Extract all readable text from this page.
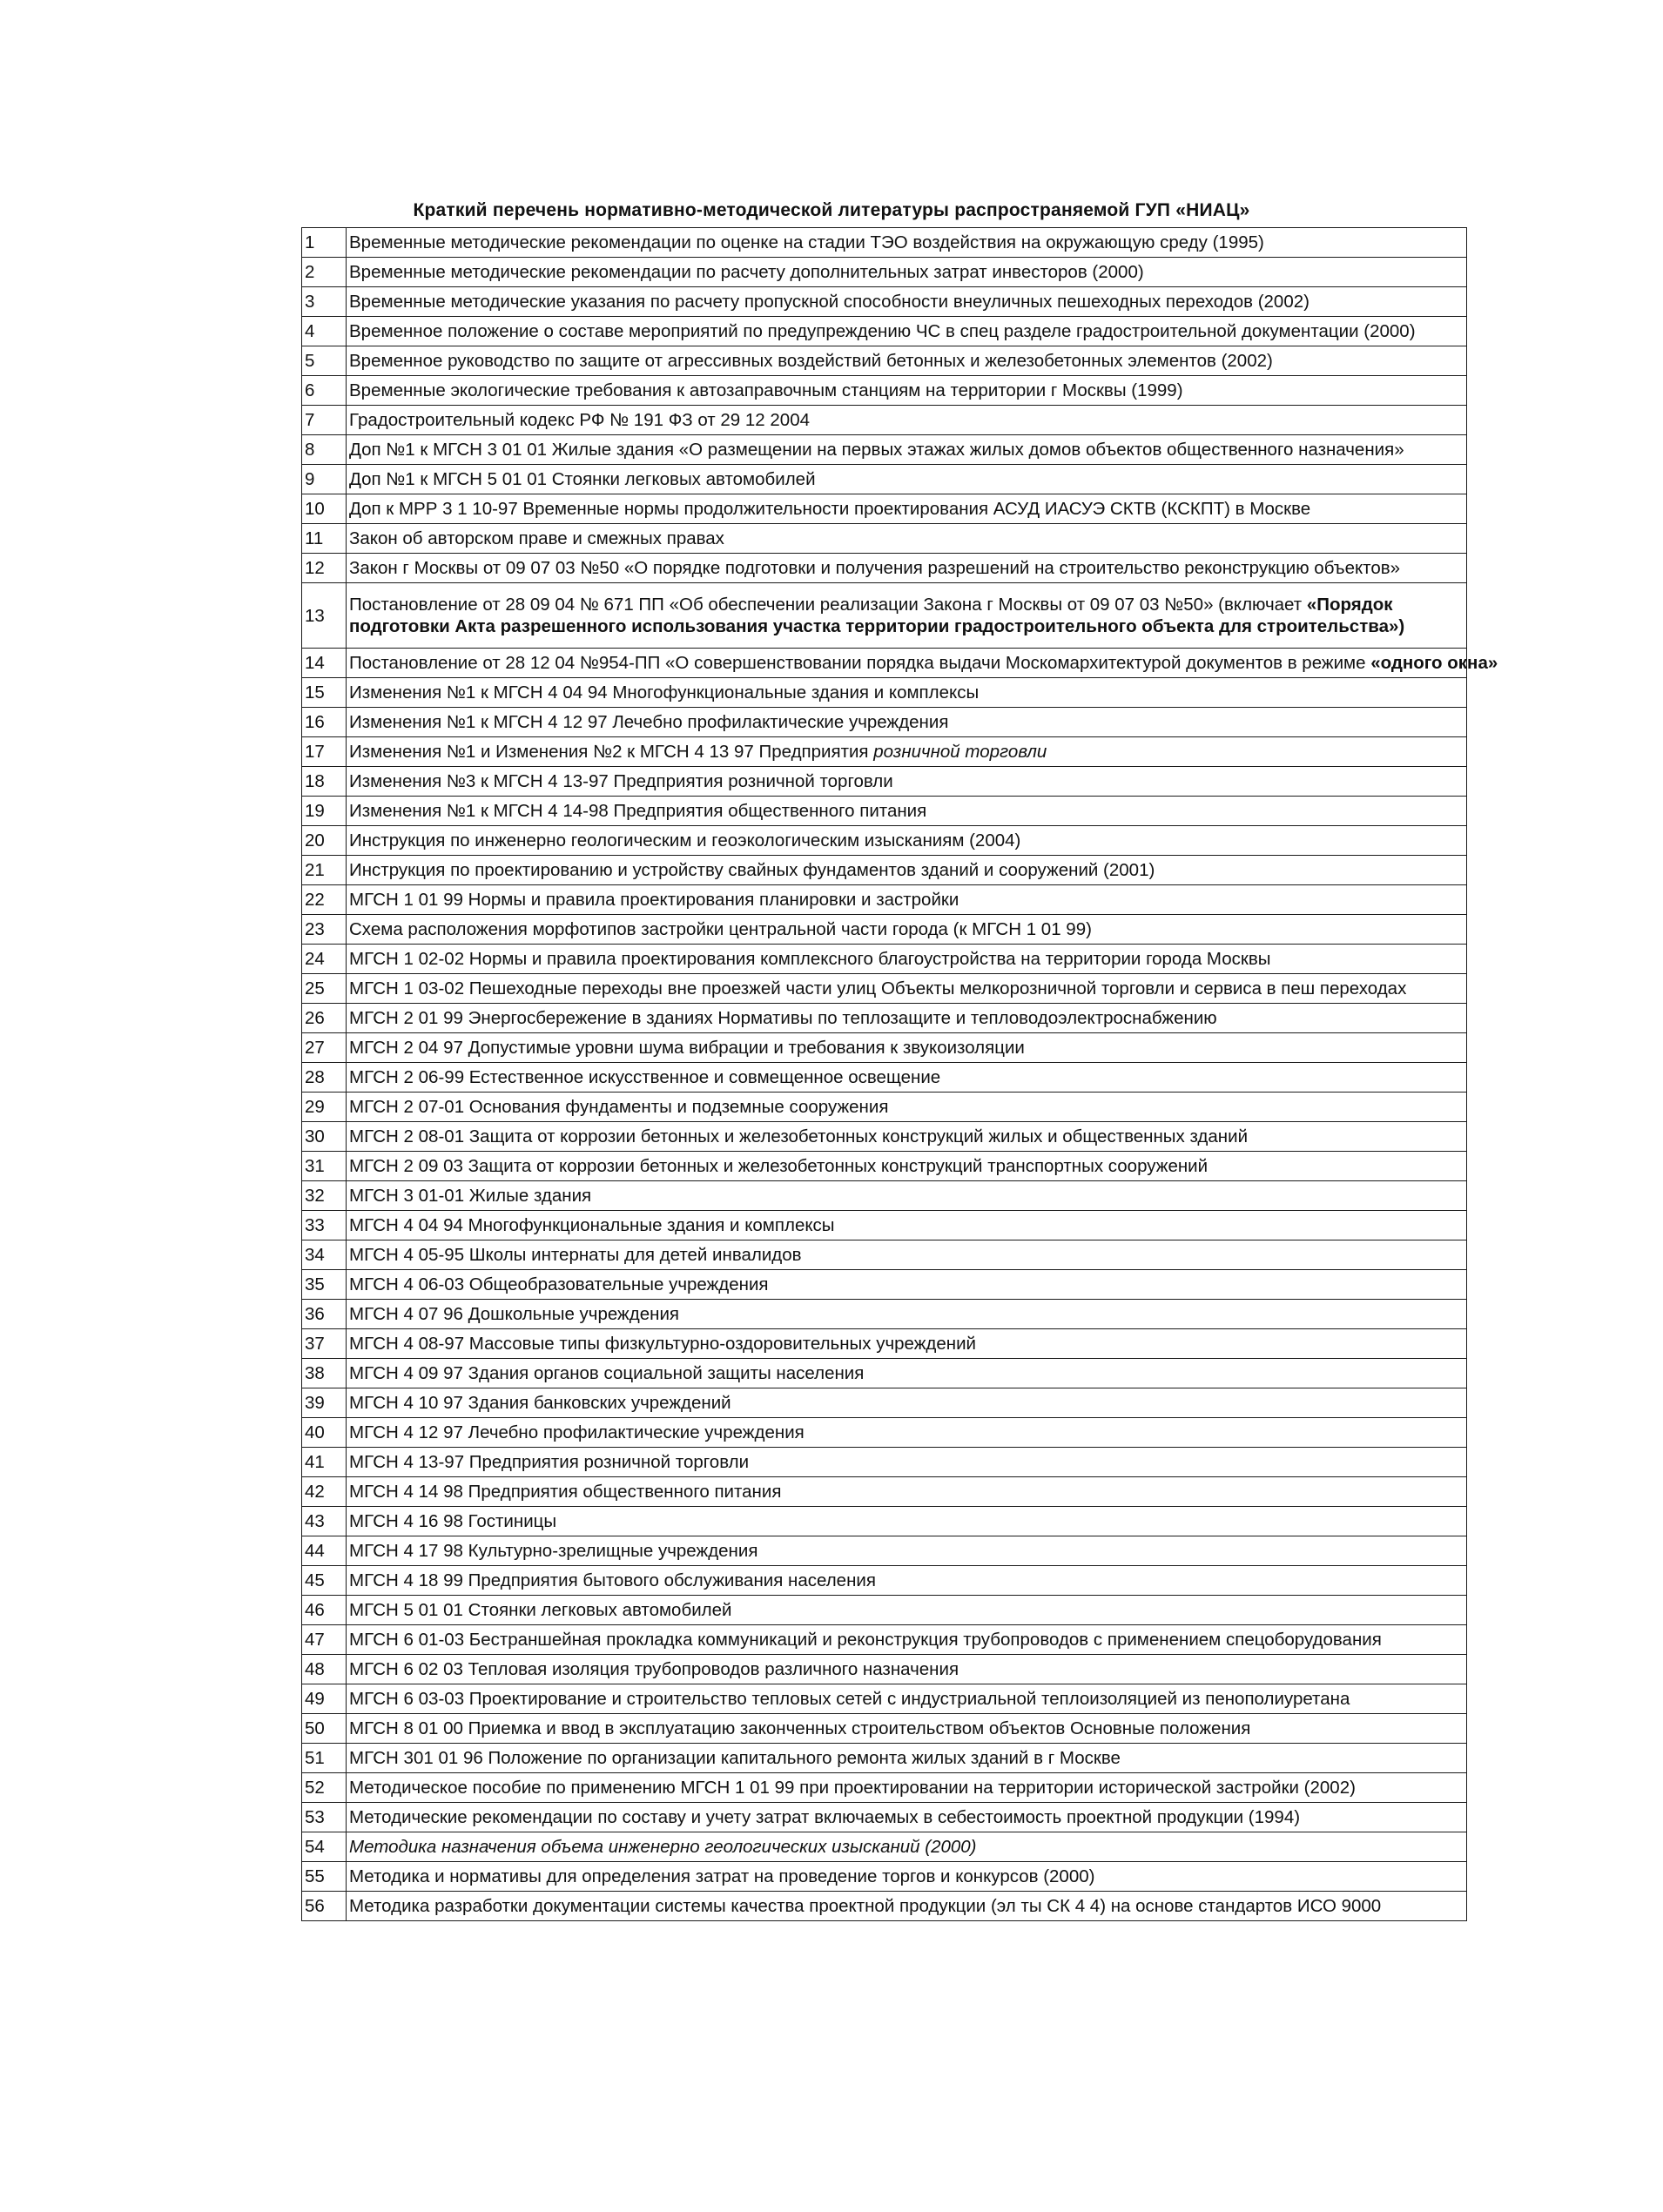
Краткий перечень нормативно-методической литературы распространяемой ГУП «НИАЦ»
1	Временные методические рекомендации по оценке на стадии ТЭО воздействия на окружающую среду (1995)
2	Временные методические рекомендации по расчету дополнительных затрат инвесторов (2000)
3	Временные методические указания по расчету пропускной способности внеуличных пешеходных переходов (2002)
4	Временное положение о составе мероприятий по предупреждению ЧС в спец разделе градостроительной документации (2000)
5	Временное руководство по защите от агрессивных воздействий бетонных и железобетонных элементов (2002)
6	Временные экологические требования к автозаправочным станциям на территории г Москвы (1999)
7	Градостроительный кодекс РФ № 191 ФЗ от 29 12 2004
8	Доп №1 к МГСН 3 01 01 Жилые здания «О размещении на первых этажах жилых домов объектов общественного назначения»
9	Доп №1 к МГСН 5 01 01 Стоянки легковых автомобилей
10	Доп к МРР 3 1 10-97 Временные нормы продолжительности проектирования АСУД ИАСУЭ СКТВ (КСКПТ) в Москве
11	Закон об авторском праве и смежных правах
12	Закон г Москвы от 09 07 03 №50 «О порядке подготовки и получения разрешений на строительство реконструкцию объектов»
13	Постановление от 28 09 04 № 671 ПП «Об обеспечении реализации Закона г Москвы от 09 07 03 №50» (включает «Порядок подготовки Акта разрешенного использования участка территории градостроительного объекта для строительства»)
14	Постановление от 28 12 04 №954-ПП «О совершенствовании порядка выдачи Москомархитектурой документов в режиме «одного окна»
15	Изменения №1 к МГСН 4 04 94 Многофункциональные здания и комплексы
16	Изменения №1 к МГСН 4 12 97 Лечебно профилактические учреждения
17	Изменения №1 и Изменения №2 к МГСН 4 13 97 Предприятия розничной торговли
18	Изменения №3 к МГСН 4 13-97 Предприятия розничной торговли
19	Изменения №1 к МГСН 4 14-98 Предприятия общественного питания
20	Инструкция по инженерно геологическим и геоэкологическим изысканиям (2004)
21	Инструкция по проектированию и устройству свайных фундаментов зданий и сооружений (2001)
22	МГСН 1 01 99 Нормы и правила проектирования планировки и застройки
23	Схема расположения морфотипов застройки центральной части города (к МГСН 1 01 99)
24	МГСН 1 02-02 Нормы и правила проектирования комплексного благоустройства на территории города Москвы
25	МГСН 1 03-02 Пешеходные переходы вне проезжей части улиц Объекты мелкорозничной торговли и сервиса в пеш переходах
26	МГСН 2 01 99 Энергосбережение в зданиях Нормативы по теплозащите и тепловодоэлектроснабжению
27	МГСН 2 04 97 Допустимые уровни шума вибрации и требования к звукоизоляции
28	МГСН 2 06-99 Естественное искусственное и совмещенное освещение
29	МГСН 2 07-01 Основания фундаменты и подземные сооружения
30	МГСН 2 08-01 Защита от коррозии бетонных и железобетонных конструкций жилых и общественных зданий
31	МГСН 2 09 03 Защита от коррозии бетонных и железобетонных конструкций транспортных сооружений
32	МГСН 3 01-01 Жилые здания
33	МГСН 4 04 94 Многофункциональные здания и комплексы
34	МГСН 4 05-95 Школы интернаты для детей инвалидов
35	МГСН 4 06-03 Общеобразовательные учреждения
36	МГСН 4 07 96 Дошкольные учреждения
37	МГСН 4 08-97 Массовые типы физкультурно-оздоровительных учреждений
38	МГСН 4 09 97 Здания органов социальной защиты населения
39	МГСН 4 10 97 Здания банковских учреждений
40	МГСН 4 12 97 Лечебно профилактические учреждения
41	МГСН 4 13-97 Предприятия розничной торговли
42	МГСН 4 14 98 Предприятия общественного питания
43	МГСН 4 16 98 Гостиницы
44	МГСН 4 17 98 Культурно-зрелищные учреждения
45	МГСН 4 18 99 Предприятия бытового обслуживания населения
46	МГСН 5 01 01 Стоянки легковых автомобилей
47	МГСН 6 01-03 Бестраншейная прокладка коммуникаций и реконструкция трубопроводов с применением спецоборудования
48	МГСН 6 02 03 Тепловая изоляция трубопроводов различного назначения
49	МГСН 6 03-03 Проектирование и строительство тепловых сетей с индустриальной теплоизоляцией из пенополиуретана
50	МГСН 8 01 00 Приемка и ввод в эксплуатацию законченных строительством объектов Основные положения
51	МГСН 301 01 96 Положение по организации капитального ремонта жилых зданий в г Москве
52	Методическое пособие по применению МГСН 1 01 99 при проектировании на территории исторической застройки (2002)
53	Методические рекомендации по составу и учету затрат включаемых в себестоимость проектной продукции (1994)
54	Методика назначения объема инженерно геологических изысканий (2000)
55	Методика и нормативы для определения затрат на проведение торгов и конкурсов (2000)
56	Методика разработки документации системы качества проектной продукции (эл ты СК 4 4) на основе стандартов ИСО 9000
